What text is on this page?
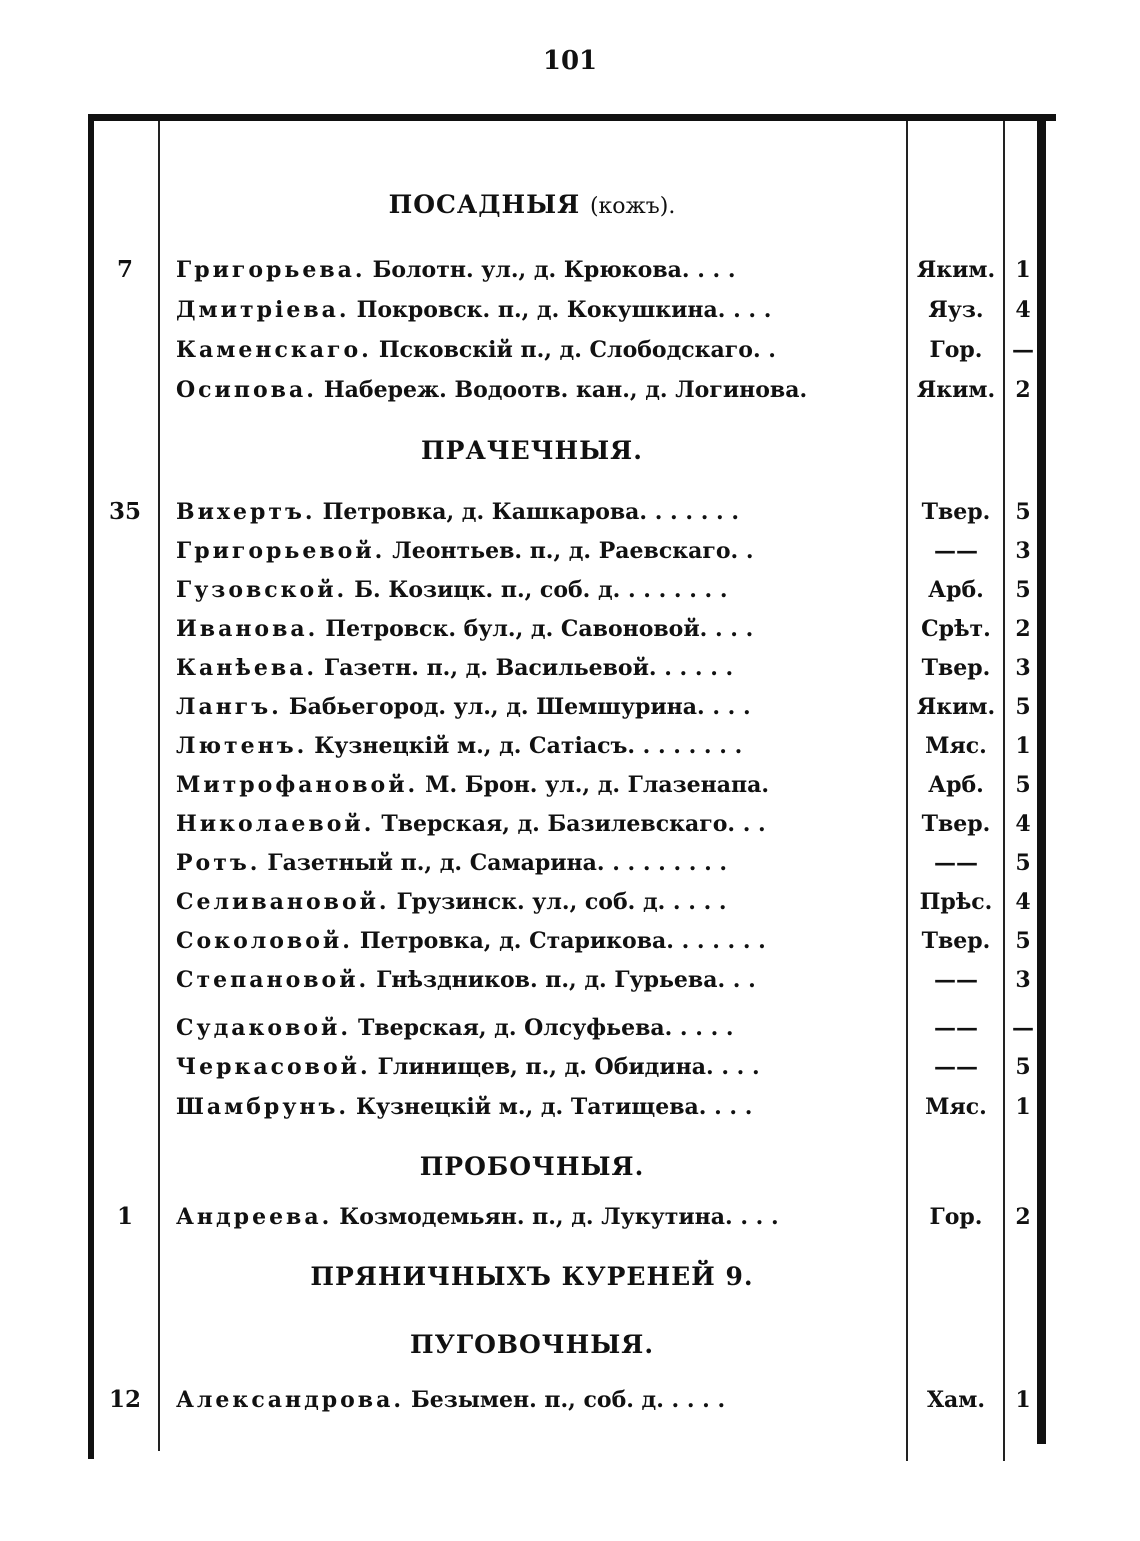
101
ПОСАДНЫЯ (кожъ).
7	Григорьева. Болотн. ул., д. Крюкова. . . .	Яким. 1
Дмитріева. Покровск. п., д. Кокушкина. . . .	Яуз.	4
Каменскаго. Псковскій п., д. Слободскаго. .	Гор.	—
Осипова. Набереж. Водоотв. кан., д. Логинова.	Яким. 2
ПРАЧЕЧНЫЯ.
35	Вихертъ. Петровка, д. Кашкарова. . . . . . .	Твер.	5
Григорьевой. Леонтьев. п., д. Раевскаго. .	——	3
Гузовской. Б. Козицк. п., соб. д. . . . . . . .	Арб.	5
Иванова. Петровск. бул., д. Савоновой. . . .	Срѣт.	2
Канѣева. Газетн. п., д. Васильевой. . . . . .	Твер.	3
Лангъ. Бабьегород. ул., д. Шемшурина. . . .	Яким. 5
Лютенъ. Кузнецкій м., д. Сатіасъ. . . . . . . .	Мяс.	1
Митрофановой. М. Брон. ул., д. Глазенапа.	Арб.	5
Николаевой. Тверская, д. Базилевскаго. . .	Твер.	4
Ротъ. Газетный п., д. Самарина. . . . . . . . .	——	5
Селивановой. Грузинск. ул., соб. д. . . . .	Прѣс.	4
Соколовой. Петровка, д. Старикова. . . . . . .	Твер.	5
Степановой. Гнѣздников. п., д. Гурьева. . .	——	3
Судаковой. Тверская, д. Олсуфьева. . . . .	——	—
Черкасовой. Глинищев, п., д. Обидина. . . .	——	5
Шамбрунъ. Кузнецкій м., д. Татищева. . . .	Мяс.	1
ПРОБОЧНЫЯ.
1	Андреева. Козмодемьян. п., д. Лукутина. . . .	Гор.	2
ПРЯНИЧНЫХЪ КУРЕНЕЙ 9.
ПУГОВОЧНЫЯ.
12	Александрова. Безымен. п., соб. д. . . . .	Хам.	1
